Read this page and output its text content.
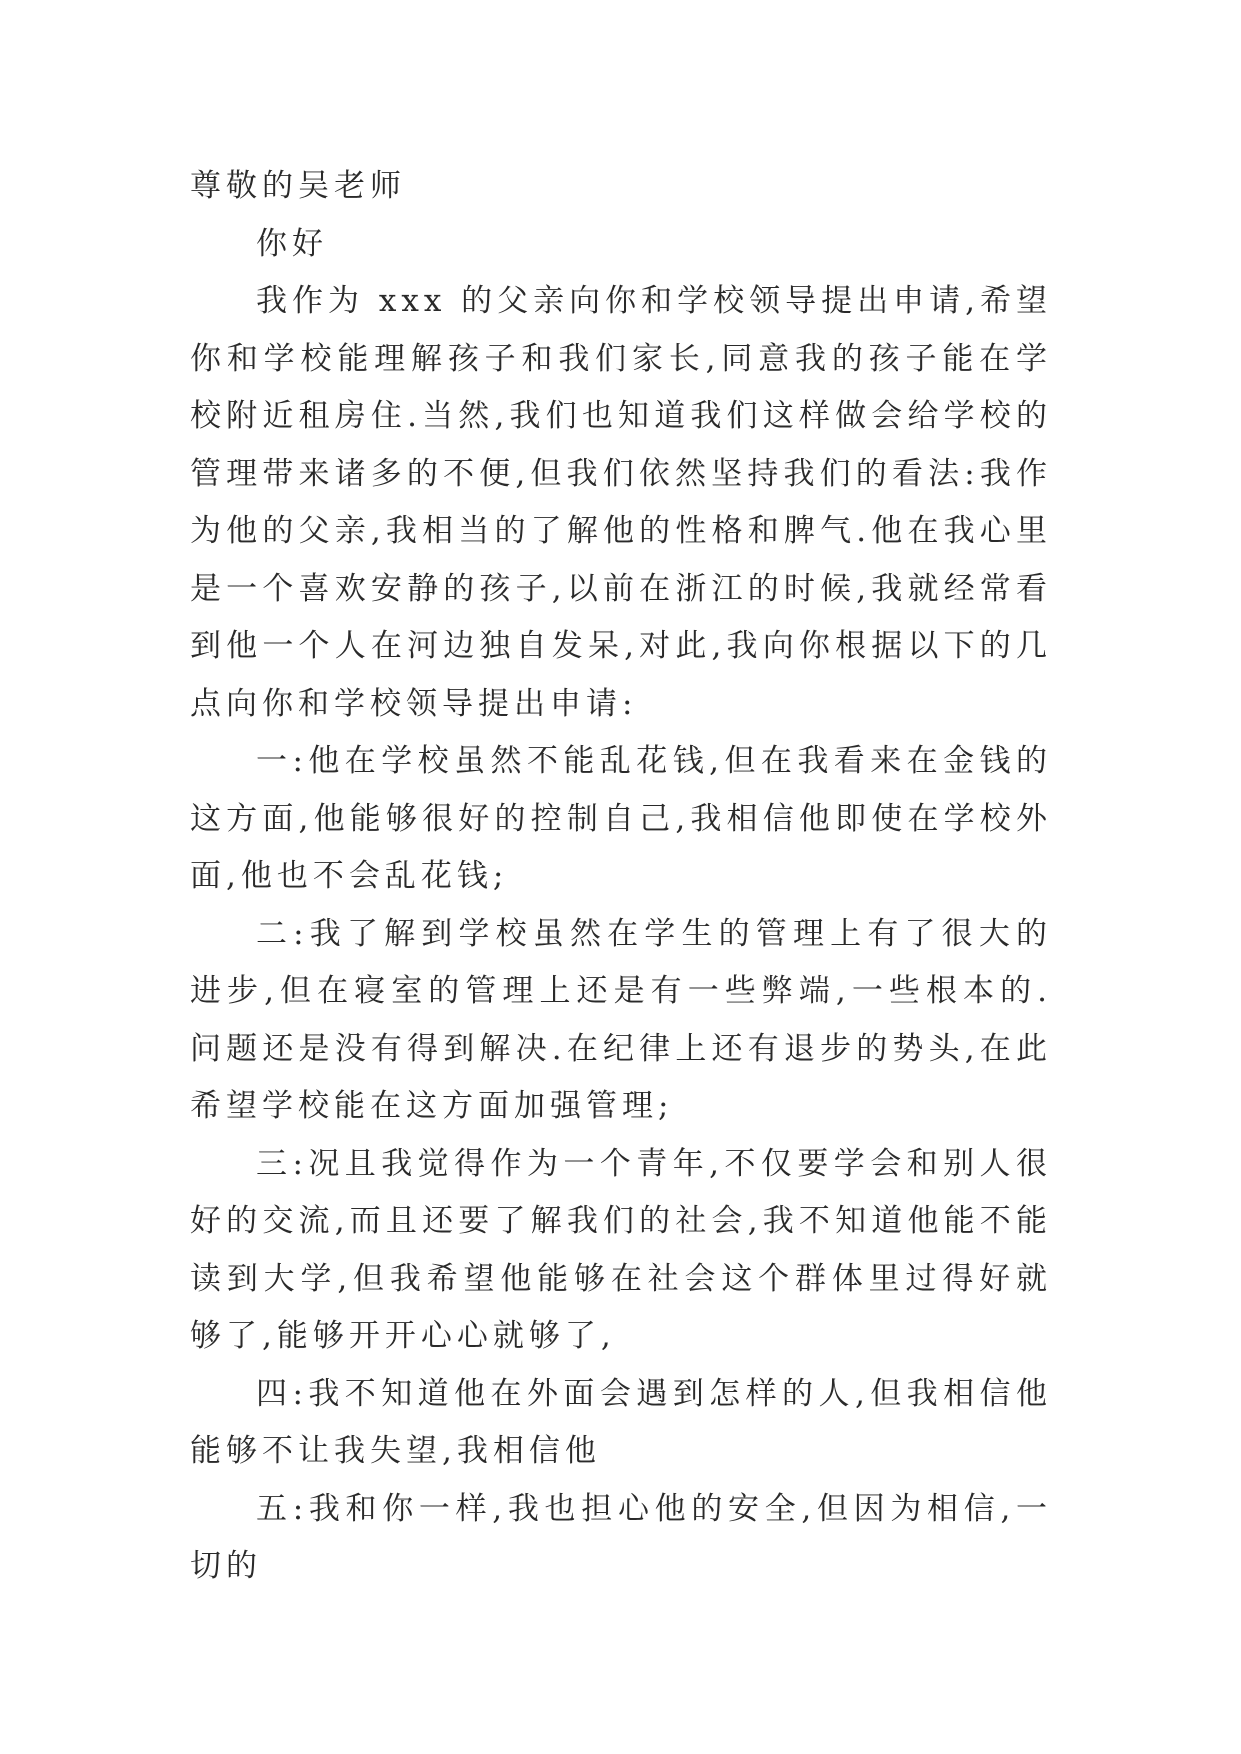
尊敬的吴老师

你好

我作为 xxx 的父亲向你和学校领导提出申请,希望你和学校能理解孩子和我们家长,同意我的孩子能在学校附近租房住.当然,我们也知道我们这样做会给学校的管理带来诸多的不便,但我们依然坚持我们的看法:我作为他的父亲,我相当的了解他的性格和脾气.他在我心里是一个喜欢安静的孩子,以前在浙江的时候,我就经常看到他一个人在河边独自发呆,对此,我向你根据以下的几点向你和学校领导提出申请:

一:他在学校虽然不能乱花钱,但在我看来在金钱的这方面,他能够很好的控制自己,我相信他即使在学校外面,他也不会乱花钱;

二:我了解到学校虽然在学生的管理上有了很大的进步,但在寝室的管理上还是有一些弊端,一些根本的.问题还是没有得到解决.在纪律上还有退步的势头,在此希望学校能在这方面加强管理;

三:况且我觉得作为一个青年,不仅要学会和别人很好的交流,而且还要了解我们的社会,我不知道他能不能读到大学,但我希望他能够在社会这个群体里过得好就够了,能够开开心心就够了,

四:我不知道他在外面会遇到怎样的人,但我相信他能够不让我失望,我相信他

五:我和你一样,我也担心他的安全,但因为相信,一切的
